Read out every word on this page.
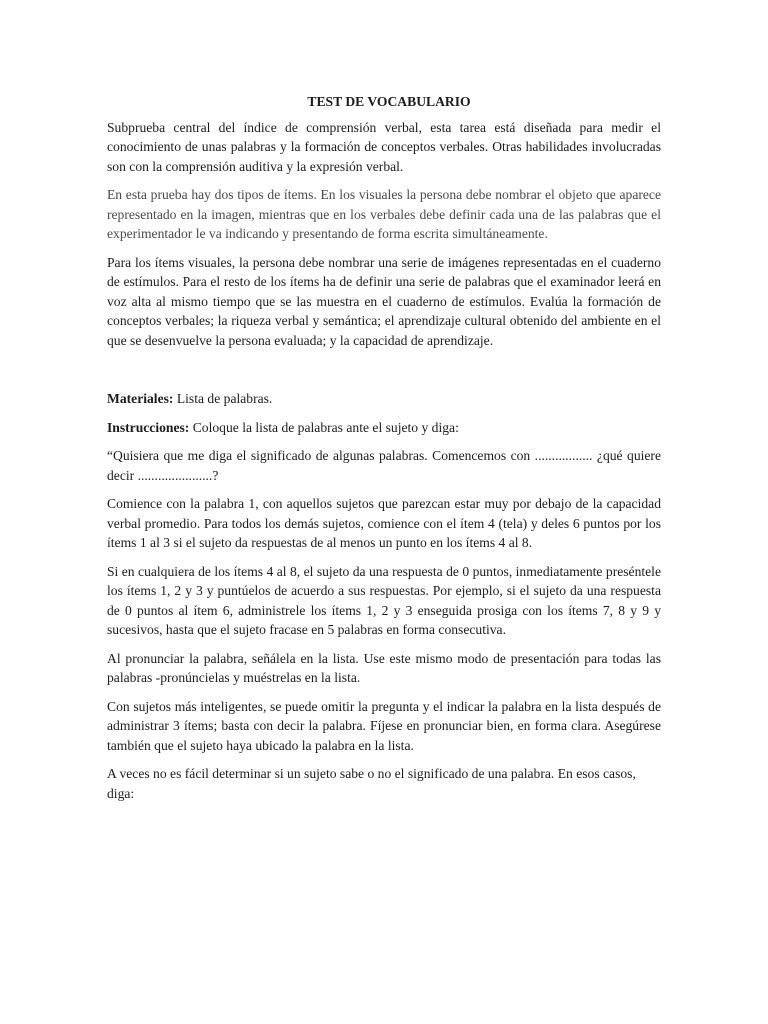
TEST DE VOCABULARIO

Subprueba central del índice de comprensión verbal, esta tarea está diseñada para medir el conocimiento de unas palabras y la formación de conceptos verbales. Otras habilidades involucradas son con la comprensión auditiva y la expresión verbal.

En esta prueba hay dos tipos de ítems. En los visuales la persona debe nombrar el objeto que aparece representado en la imagen, mientras que en los verbales debe definir cada una de las palabras que el experimentador le va indicando y presentando de forma escrita simultáneamente.

Para los ítems visuales, la persona debe nombrar una serie de imágenes representadas en el cuaderno de estímulos. Para el resto de los ítems ha de definir una serie de palabras que el examinador leerá en voz alta al mismo tiempo que se las muestra en el cuaderno de estímulos. Evalúa la formación de conceptos verbales; la riqueza verbal y semántica; el aprendizaje cultural obtenido del ambiente en el que se desenvuelve la persona evaluada; y la capacidad de aprendizaje.

Materiales: Lista de palabras.

Instrucciones: Coloque la lista de palabras ante el sujeto y diga:

“Quisiera que me diga el significado de algunas palabras. Comencemos con ................. ¿qué quiere decir ......................?

Comience con la palabra 1, con aquellos sujetos que parezcan estar muy por debajo de la capacidad verbal promedio. Para todos los demás sujetos, comience con el ítem 4 (tela) y deles 6 puntos por los ítems 1 al 3 si el sujeto da respuestas de al menos un punto en los ítems 4 al 8.

Si en cualquiera de los ítems 4 al 8, el sujeto da una respuesta de 0 puntos, inmediatamente preséntele los ítems 1, 2 y 3 y puntúelos de acuerdo a sus respuestas. Por ejemplo, si el sujeto da una respuesta de 0 puntos al ítem 6, administrele los ítems 1, 2 y 3 enseguida prosiga con los ítems 7, 8 y 9 y sucesivos, hasta que el sujeto fracase en 5 palabras en forma consecutiva.

Al pronunciar la palabra, señálela en la lista. Use este mismo modo de presentación para todas las palabras -pronúncielas y muéstrelas en la lista.

Con sujetos más inteligentes, se puede omitir la pregunta y el indicar la palabra en la lista después de administrar 3 ítems; basta con decir la palabra. Fíjese en pronunciar bien, en forma clara. Asegúrese también que el sujeto haya ubicado la palabra en la lista.

A veces no es fácil determinar si un sujeto sabe o no el significado de una palabra. En esos casos, diga:
